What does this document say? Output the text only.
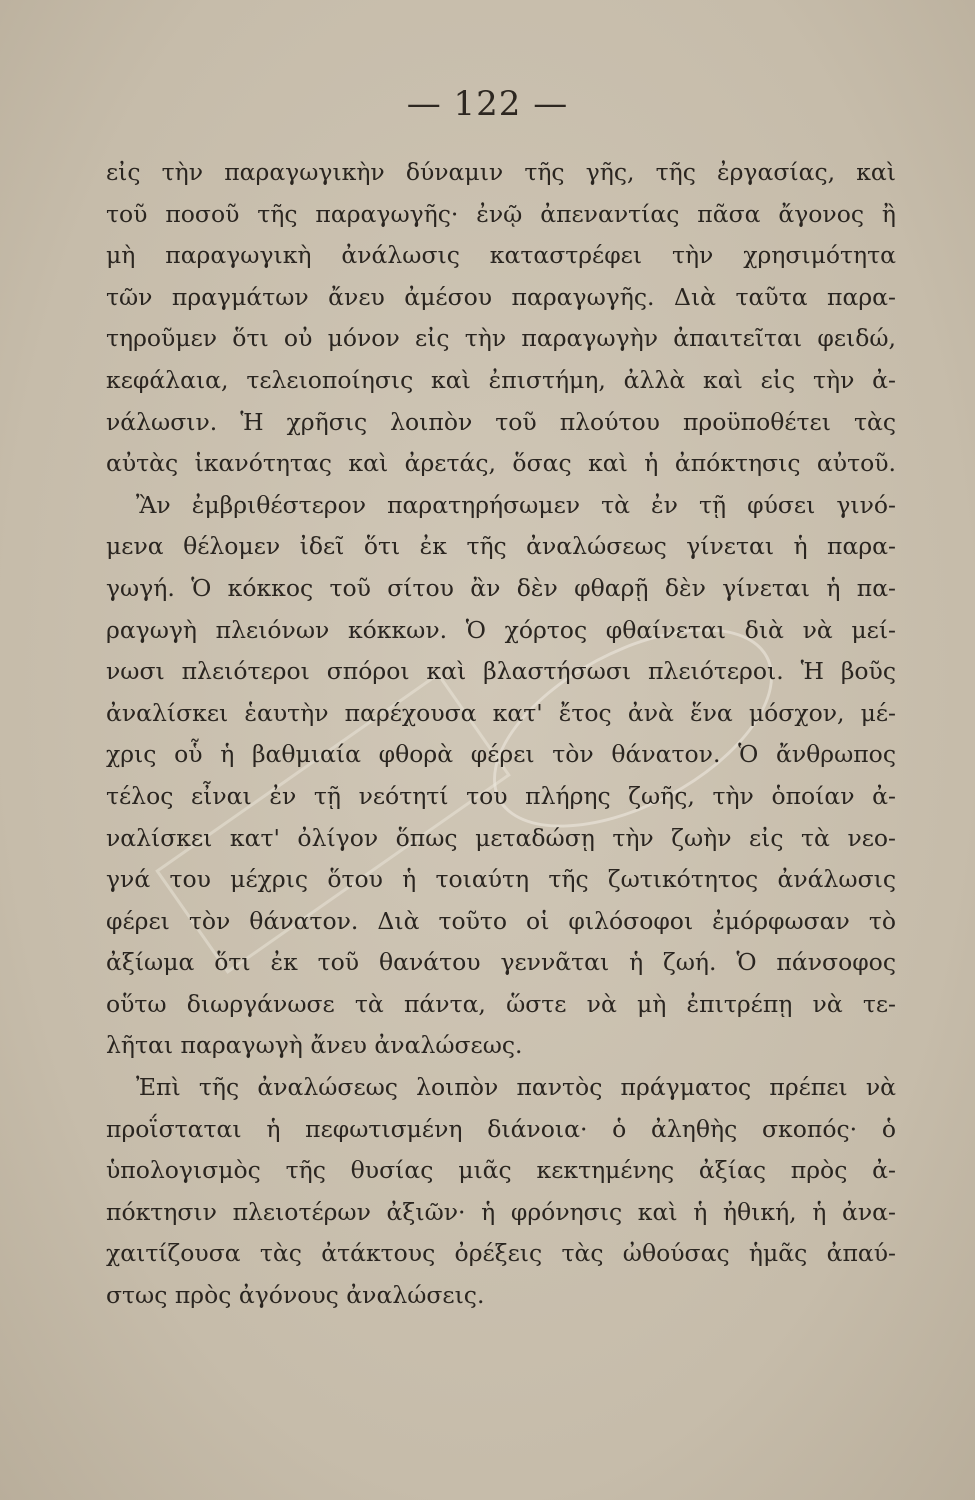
— 122 —
εἰς τὴν παραγωγικὴν δύναμιν τῆς γῆς, τῆς ἐργασίας, καὶ
τοῦ ποσοῦ τῆς παραγωγῆς· ἐνῷ ἀπεναντίας πᾶσα ἄγονος ἢ
μὴ παραγωγικὴ ἀνάλωσις καταστρέφει τὴν χρησιμότητα
τῶν πραγμάτων ἄνευ ἀμέσου παραγωγῆς. Διὰ ταῦτα παρα-
τηροῦμεν ὅτι οὐ μόνον εἰς τὴν παραγωγὴν ἀπαιτεῖται φειδώ,
κεφάλαια, τελειοποίησις καὶ ἐπιστήμη, ἀλλὰ καὶ εἰς τὴν ἀ-
νάλωσιν. Ἡ χρῆσις λοιπὸν τοῦ πλούτου προϋποθέτει τὰς
αὐτὰς ἱκανότητας καὶ ἀρετάς, ὅσας καὶ ἡ ἀπόκτησις αὐτοῦ.
Ἂν ἐμβριθέστερον παρατηρήσωμεν τὰ ἐν τῇ φύσει γινό-
μενα θέλομεν ἰδεῖ ὅτι ἐκ τῆς ἀναλώσεως γίνεται ἡ παρα-
γωγή. Ὁ κόκκος τοῦ σίτου ἂν δὲν φθαρῇ δὲν γίνεται ἡ πα-
ραγωγὴ πλειόνων κόκκων. Ὁ χόρτος φθαίνεται διὰ νὰ μεί-
νωσι πλειότεροι σπόροι καὶ βλαστήσωσι πλειότεροι. Ἡ βοῦς
ἀναλίσκει ἑαυτὴν παρέχουσα κατ' ἔτος ἀνὰ ἕνα μόσχον, μέ-
χρις οὗ ἡ βαθμιαία φθορὰ φέρει τὸν θάνατον. Ὁ ἄνθρωπος
τέλος εἶναι ἐν τῇ νεότητί του πλήρης ζωῆς, τὴν ὁποίαν ἀ-
ναλίσκει κατ' ὀλίγον ὅπως μεταδώσῃ τὴν ζωὴν εἰς τὰ νεο-
γνά του μέχρις ὅτου ἡ τοιαύτη τῆς ζωτικότητος ἀνάλωσις
φέρει τὸν θάνατον. Διὰ τοῦτο οἱ φιλόσοφοι ἐμόρφωσαν τὸ
ἀξίωμα ὅτι ἐκ τοῦ θανάτου γεννᾶται ἡ ζωή. Ὁ πάνσοφος
οὕτω διωργάνωσε τὰ πάντα, ὥστε νὰ μὴ ἐπιτρέπῃ νὰ τε-
λῆται παραγωγὴ ἄνευ ἀναλώσεως.
Ἐπὶ τῆς ἀναλώσεως λοιπὸν παντὸς πράγματος πρέπει νὰ
προΐσταται ἡ πεφωτισμένη διάνοια· ὁ ἀληθὴς σκοπός· ὁ
ὑπολογισμὸς τῆς θυσίας μιᾶς κεκτημένης ἀξίας πρὸς ἀ-
πόκτησιν πλειοτέρων ἀξιῶν· ἡ φρόνησις καὶ ἡ ἠθική, ἡ ἀνα-
χαιτίζουσα τὰς ἀτάκτους ὀρέξεις τὰς ὠθούσας ἡμᾶς ἀπαύ-
στως πρὸς ἀγόνους ἀναλώσεις.
